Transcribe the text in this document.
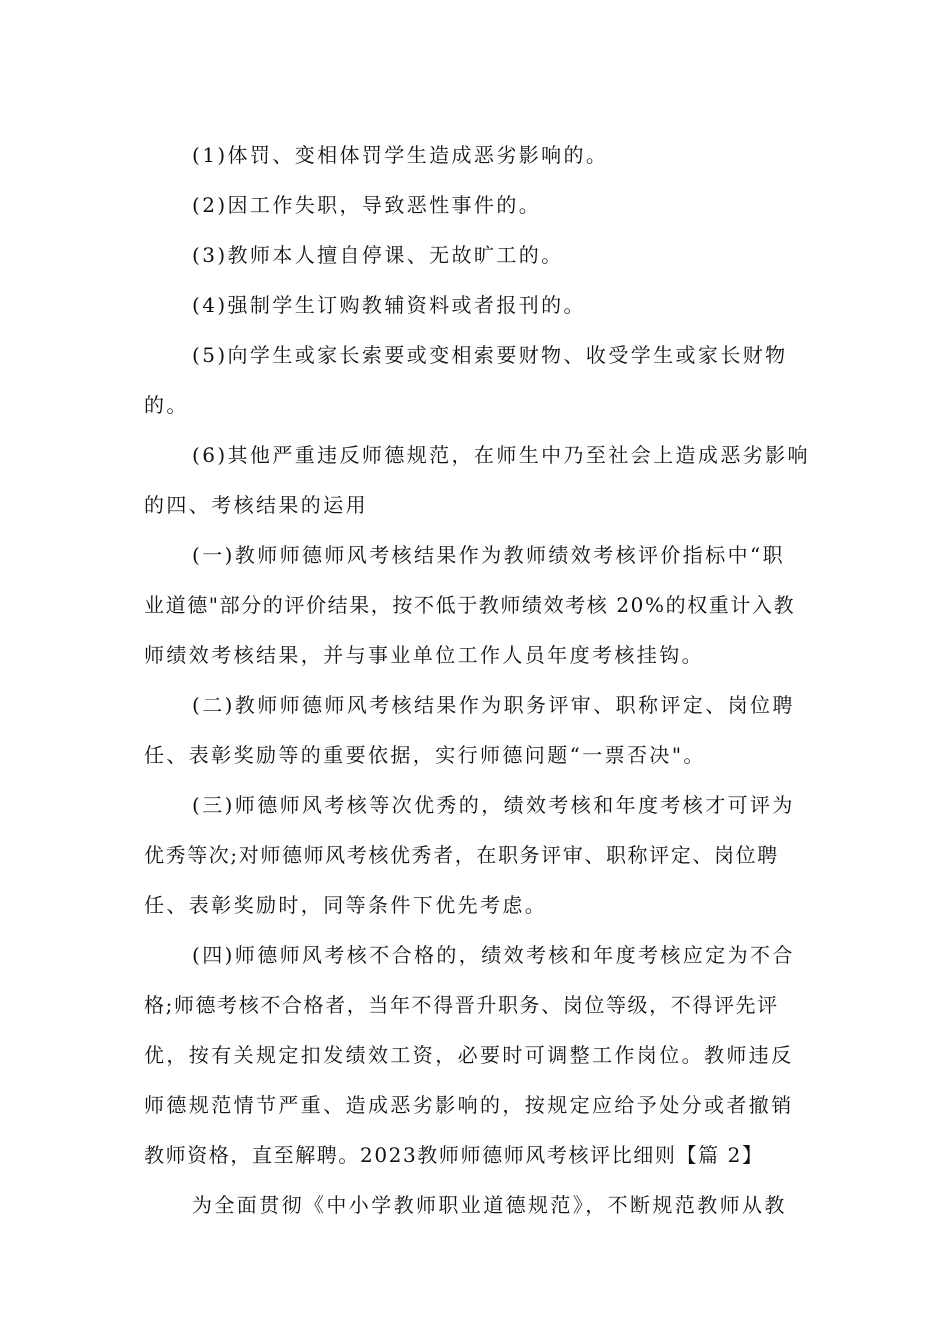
(1)体罚、变相体罚学生造成恶劣影响的。

(2)因工作失职，导致恶性事件的。

(3)教师本人擅自停课、无故旷工的。

(4)强制学生订购教辅资料或者报刊的。

(5)向学生或家长索要或变相索要财物、收受学生或家长财物

的。

(6)其他严重违反师德规范，在师生中乃至社会上造成恶劣影响

的四、考核结果的运用

(一)教师师德师风考核结果作为教师绩效考核评价指标中“职

业道德"部分的评价结果，按不低于教师绩效考核 20%的权重计入教

师绩效考核结果，并与事业单位工作人员年度考核挂钩。

(二)教师师德师风考核结果作为职务评审、职称评定、岗位聘

任、表彰奖励等的重要依据，实行师德问题“一票否决"。

(三)师德师风考核等次优秀的，绩效考核和年度考核才可评为

优秀等次;对师德师风考核优秀者，在职务评审、职称评定、岗位聘

任、表彰奖励时，同等条件下优先考虑。

(四)师德师风考核不合格的，绩效考核和年度考核应定为不合

格;师德考核不合格者，当年不得晋升职务、岗位等级，不得评先评

优，按有关规定扣发绩效工资，必要时可调整工作岗位。教师违反

师德规范情节严重、造成恶劣影响的，按规定应给予处分或者撤销

教师资格，直至解聘。2023教师师德师风考核评比细则【篇 2】

为全面贯彻《中小学教师职业道德规范》，不断规范教师从教
